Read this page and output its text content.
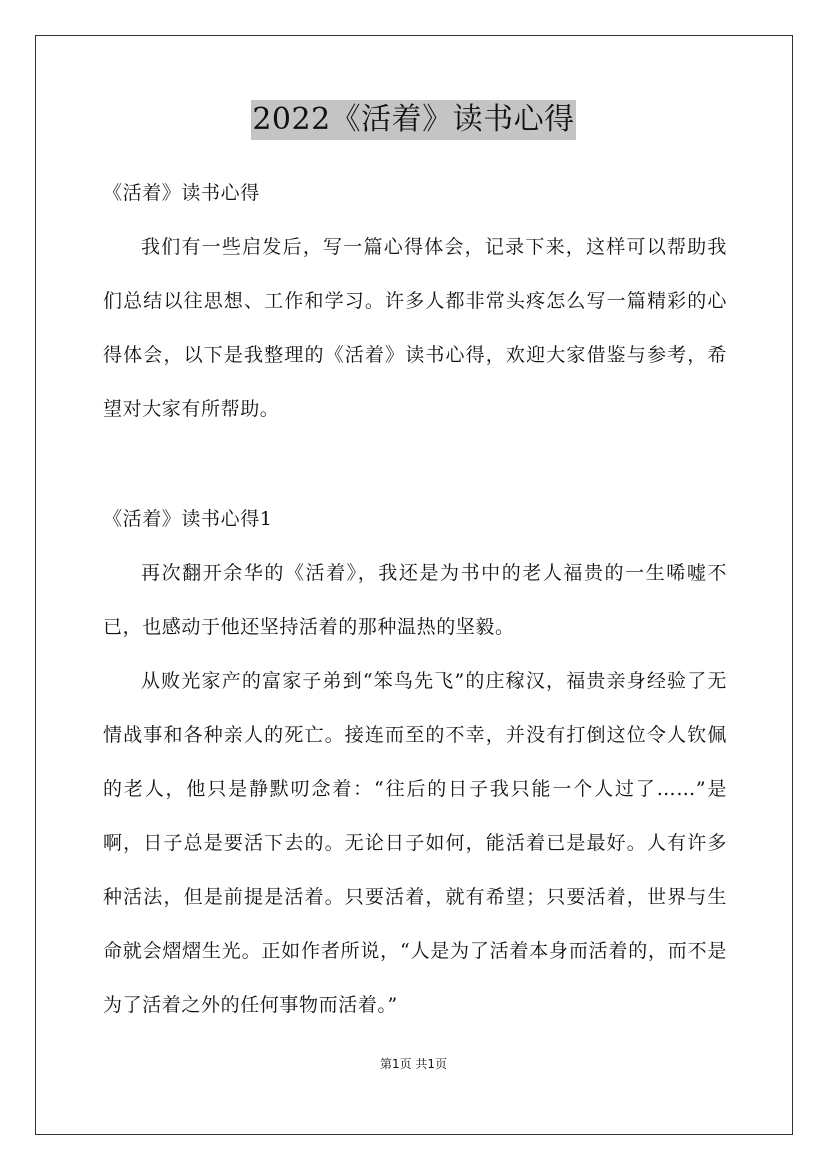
2022《活着》读书心得
《活着》读书心得

我们有一些启发后，写一篇心得体会，记录下来，这样可以帮助我们总结以往思想、工作和学习。许多人都非常头疼怎么写一篇精彩的心得体会，以下是我整理的《活着》读书心得，欢迎大家借鉴与参考，希望对大家有所帮助。

《活着》读书心得1

再次翻开余华的《活着》，我还是为书中的老人福贵的一生唏嘘不已，也感动于他还坚持活着的那种温热的坚毅。

从败光家产的富家子弟到“笨鸟先飞”的庄稼汉，福贵亲身经验了无情战事和各种亲人的死亡。接连而至的不幸，并没有打倒这位令人钦佩的老人，他只是静默叨念着：“往后的日子我只能一个人过了……”是啊，日子总是要活下去的。无论日子如何，能活着已是最好。人有许多种活法，但是前提是活着。只要活着，就有希望；只要活着，世界与生命就会熠熠生光。正如作者所说，“人是为了活着本身而活着的，而不是为了活着之外的任何事物而活着。”

第1页 共1页
